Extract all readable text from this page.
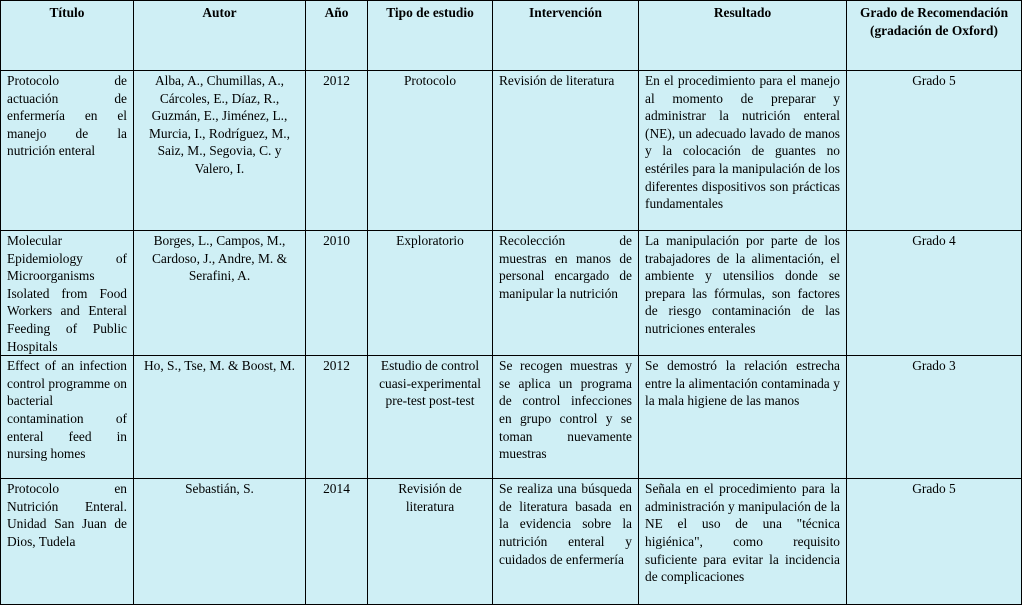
Título	Autor	Año	Tipo de estudio	Intervención	Resultado	Grado de Recomendación (gradación de Oxford)
Protocolo de actuación de enfermería en el manejo de la nutrición enteral	Alba, A., Chumillas, A., Cárcoles, E., Díaz, R., Guzmán, E., Jiménez, L., Murcia, I., Rodríguez, M., Saiz, M., Segovia, C. y Valero, I.	2012	Protocolo	Revisión de literatura	En el procedimiento para el manejo al momento de preparar y administrar la nutrición enteral (NE), un adecuado lavado de manos y la colocación de guantes no estériles para la manipulación de los diferentes dispositivos son prácticas fundamentales	Grado 5
Molecular Epidemiology of Microorganisms Isolated from Food Workers and Enteral Feeding of Public Hospitals	Borges, L., Campos, M., Cardoso, J., Andre, M. & Serafini, A.	2010	Exploratorio	Recolección de muestras en manos de personal encargado de manipular la nutrición	La manipulación por parte de los trabajadores de la alimentación, el ambiente y utensilios donde se prepara las fórmulas, son factores de riesgo contaminación de las nutriciones enterales	Grado 4
Effect of an infection control programme on bacterial contamination of enteral feed in nursing homes	Ho, S., Tse, M. & Boost, M.	2012	Estudio de control cuasi-experimental pre-test post-test	Se recogen muestras y se aplica un programa de control infecciones en grupo control y se toman nuevamente muestras	Se demostró la relación estrecha entre la alimentación contaminada y la mala higiene de las manos	Grado 3
Protocolo en Nutrición Enteral. Unidad San Juan de Dios, Tudela	Sebastián, S.	2014	Revisión de literatura	Se realiza una búsqueda de literatura basada en la evidencia sobre la nutrición enteral y cuidados de enfermería	Señala en el procedimiento para la administración y manipulación de la NE el uso de una "técnica higiénica", como requisito suficiente para evitar la incidencia de complicaciones	Grado 5
